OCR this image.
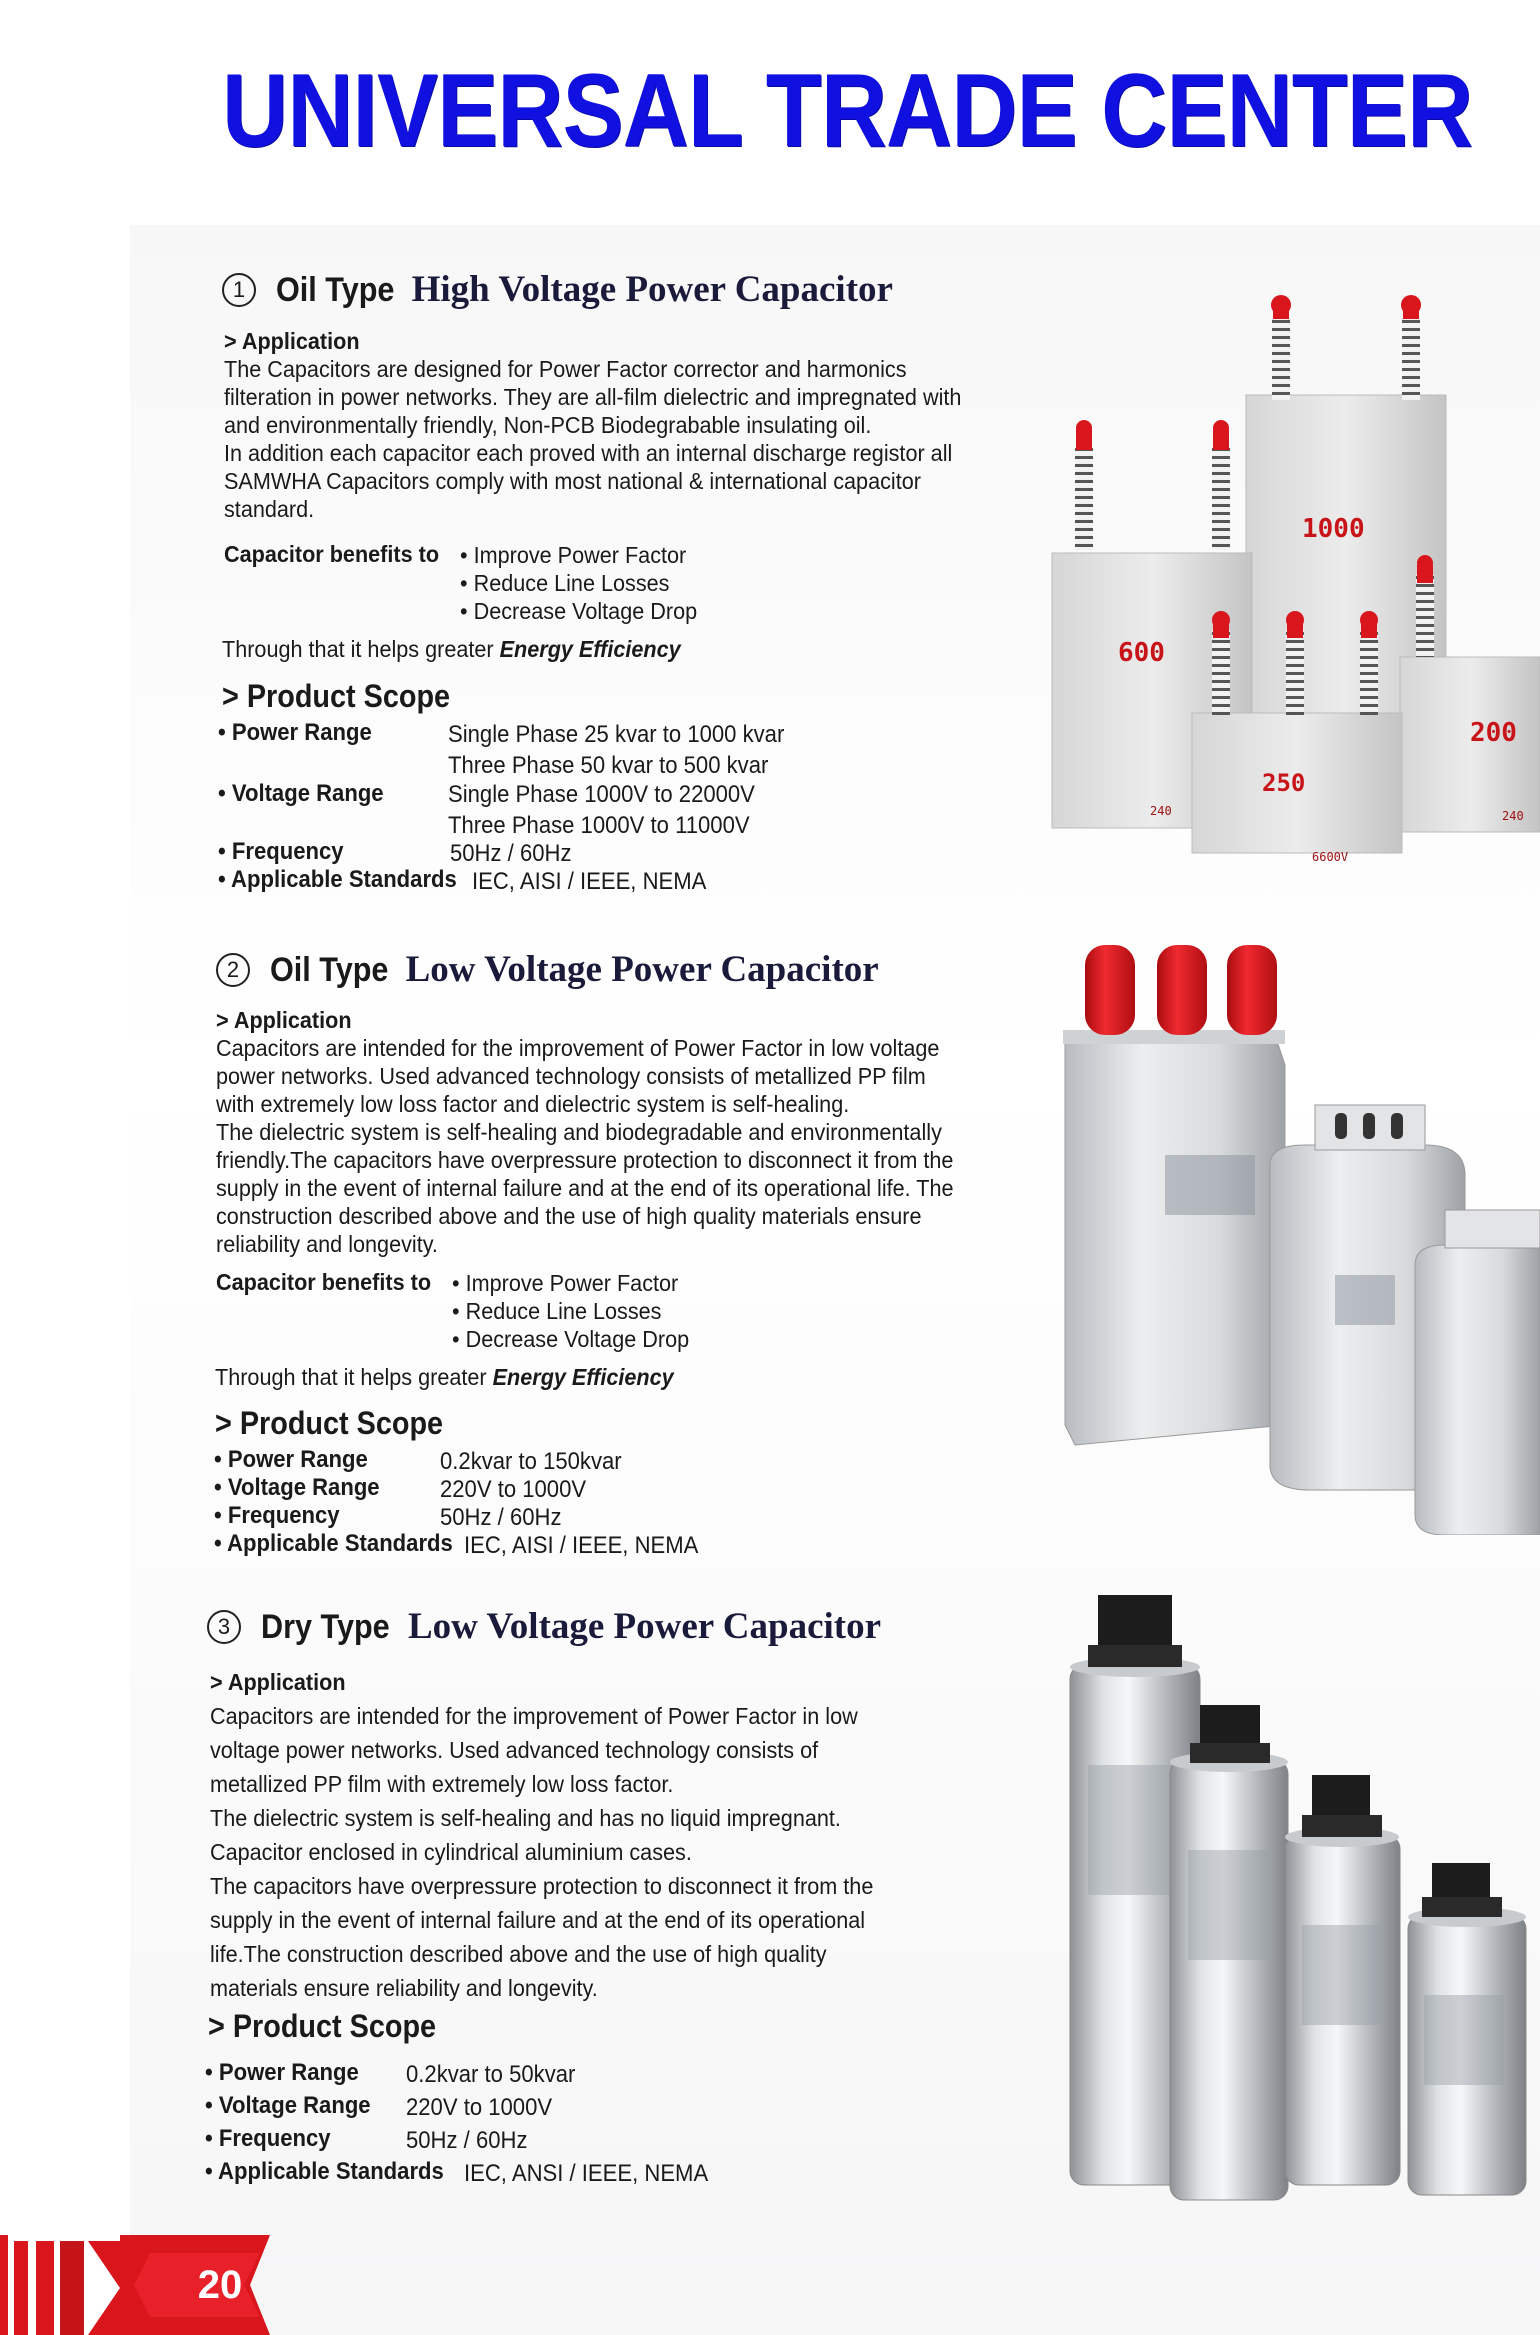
UNIVERSAL TRADE CENTER
1 Oil Type High Voltage Power Capacitor
> Application
The Capacitors are designed for Power Factor corrector and harmonics
filteration in power networks. They are all-film dielectric and impregnated with
and environmentally friendly, Non-PCB Biodegrabable insulating oil.
In addition each capacitor each proved with an internal discharge registor all
SAMWHA Capacitors comply with most national & international capacitor
standard.
Capacitor benefits to • Improve Power Factor
• Reduce Line Losses
• Decrease Voltage Drop
Through that it helps greater Energy Efficiency
> Product Scope
• Power Range	Single Phase 25 kvar to 1000 kvar
Three Phase 50 kvar to 500 kvar
• Voltage Range	Single Phase 1000V to 22000V
Three Phase 1000V to 11000V
• Frequency	50Hz / 60Hz
• Applicable Standards IEC, AISI / IEEE, NEMA
1000
600
240
200
240
250
6600V
2 Oil Type Low Voltage Power Capacitor
> Application
Capacitors are intended for the improvement of Power Factor in low voltage
power networks. Used advanced technology consists of metallized PP film
with extremely low loss factor and dielectric system is self-healing.
The dielectric system is self-healing and biodegradable and environmentally
friendly.The capacitors have overpressure protection to disconnect it from the
supply in the event of internal failure and at the end of its operational life. The
construction described above and the use of high quality materials ensure
reliability and longevity.
Capacitor benefits to • Improve Power Factor
• Reduce Line Losses
• Decrease Voltage Drop
Through that it helps greater Energy Efficiency
> Product Scope
• Power Range	0.2kvar to 150kvar
• Voltage Range	220V to 1000V
• Frequency	50Hz / 60Hz
• Applicable Standards IEC, AISI / IEEE, NEMA
3 Dry Type Low Voltage Power Capacitor
> Application
Capacitors are intended for the improvement of Power Factor in low
voltage power networks. Used advanced technology consists of
metallized PP film with extremely low loss factor.
The dielectric system is self-healing and has no liquid impregnant.
Capacitor enclosed in cylindrical aluminium cases.
The capacitors have overpressure protection to disconnect it from the
supply in the event of internal failure and at the end of its operational
life.The construction described above and the use of high quality
materials ensure reliability and longevity.
> Product Scope
• Power Range 0.2kvar to 50kvar
• Voltage Range 220V to 1000V
• Frequency	50Hz / 60Hz
• Applicable Standards IEC, ANSI / IEEE, NEMA
20
